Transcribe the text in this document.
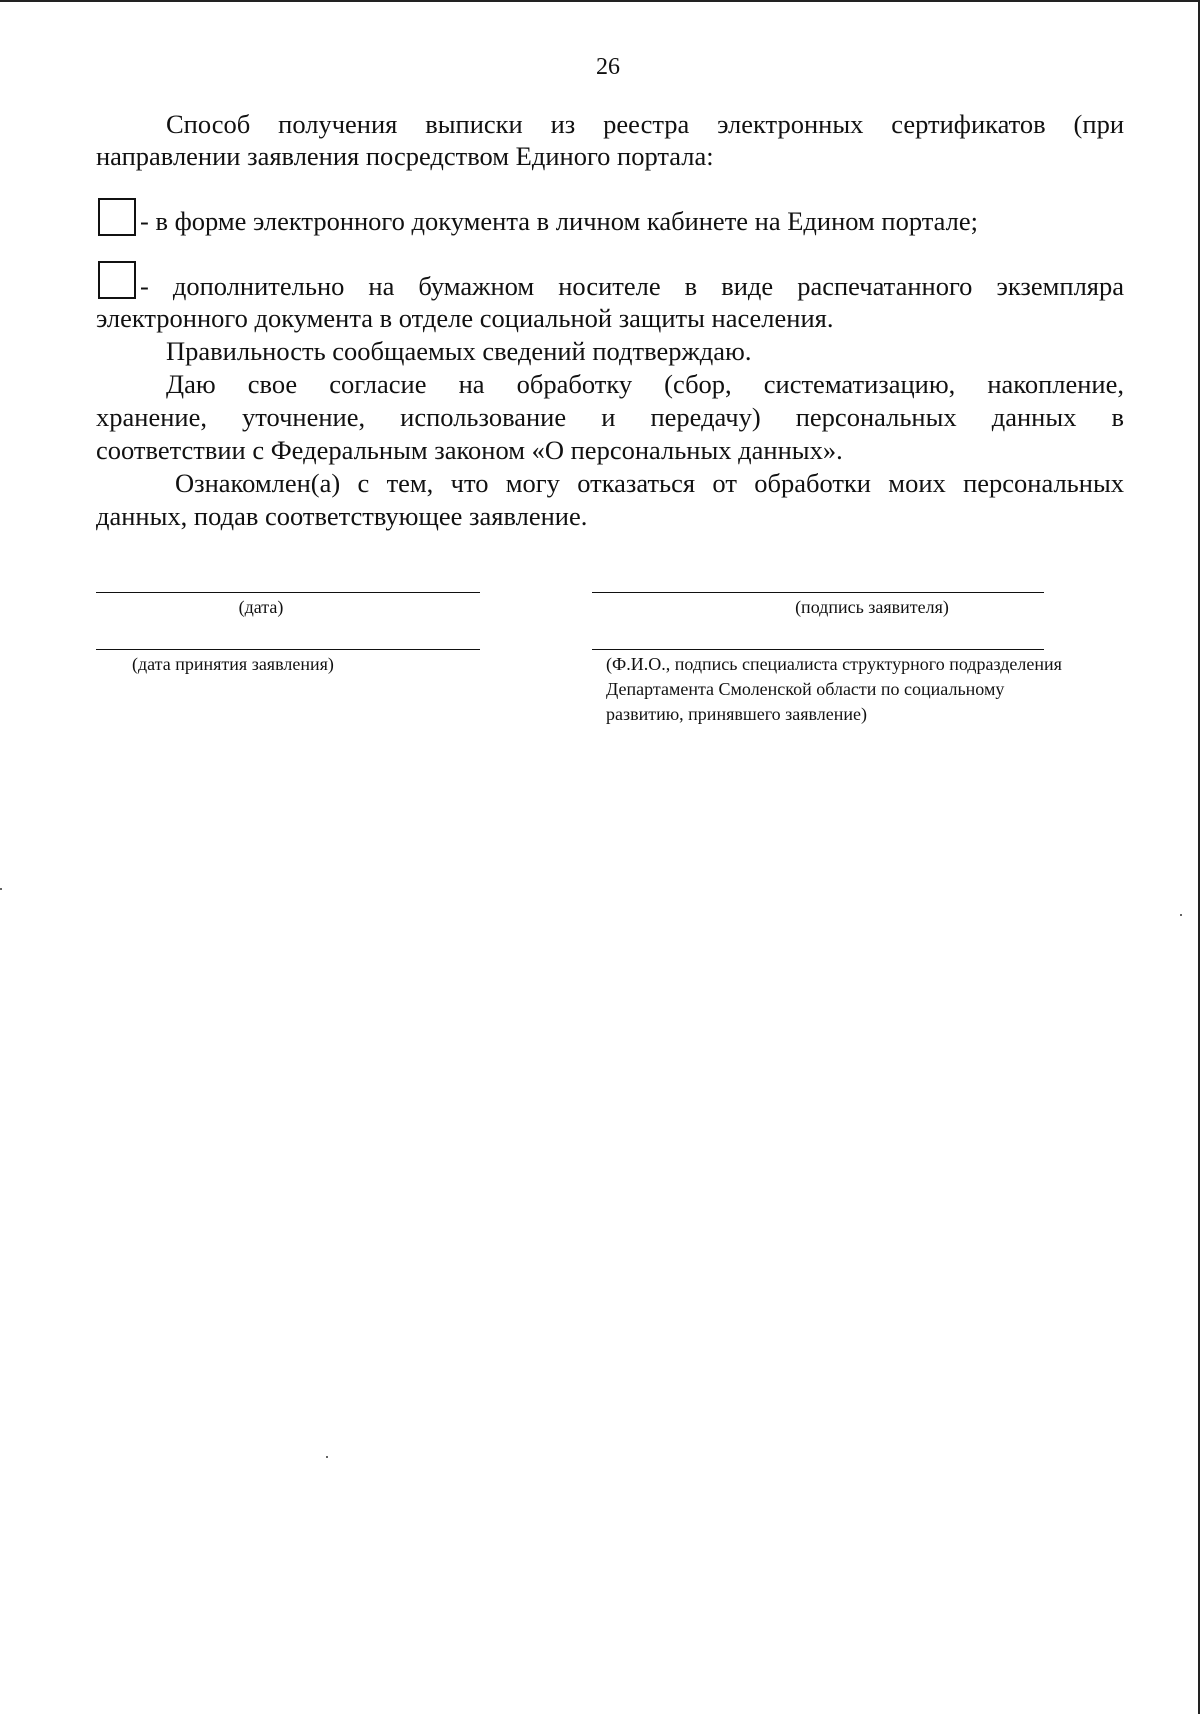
26
Способ получения выписки из реестра электронных сертификатов (при
направлении заявления посредством Единого портала:
- в форме электронного документа в личном кабинете на Едином портале;
- дополнительно на бумажном носителе в виде распечатанного экземпляра
электронного документа в отделе социальной защиты населения.
Правильность сообщаемых сведений подтверждаю.
Даю свое согласие на обработку (сбор, систематизацию, накопление,
хранение, уточнение, использование и передачу) персональных данных в
соответствии с Федеральным законом «О персональных данных».
Ознакомлен(а) с тем, что могу отказаться от обработки моих персональных
данных, подав соответствующее заявление.
(дата)	(подпись заявителя)
(дата принятия заявления)	(Ф.И.О., подпись специалиста структурного подразделения
Департамента Смоленской области по социальному
развитию, принявшего заявление)
